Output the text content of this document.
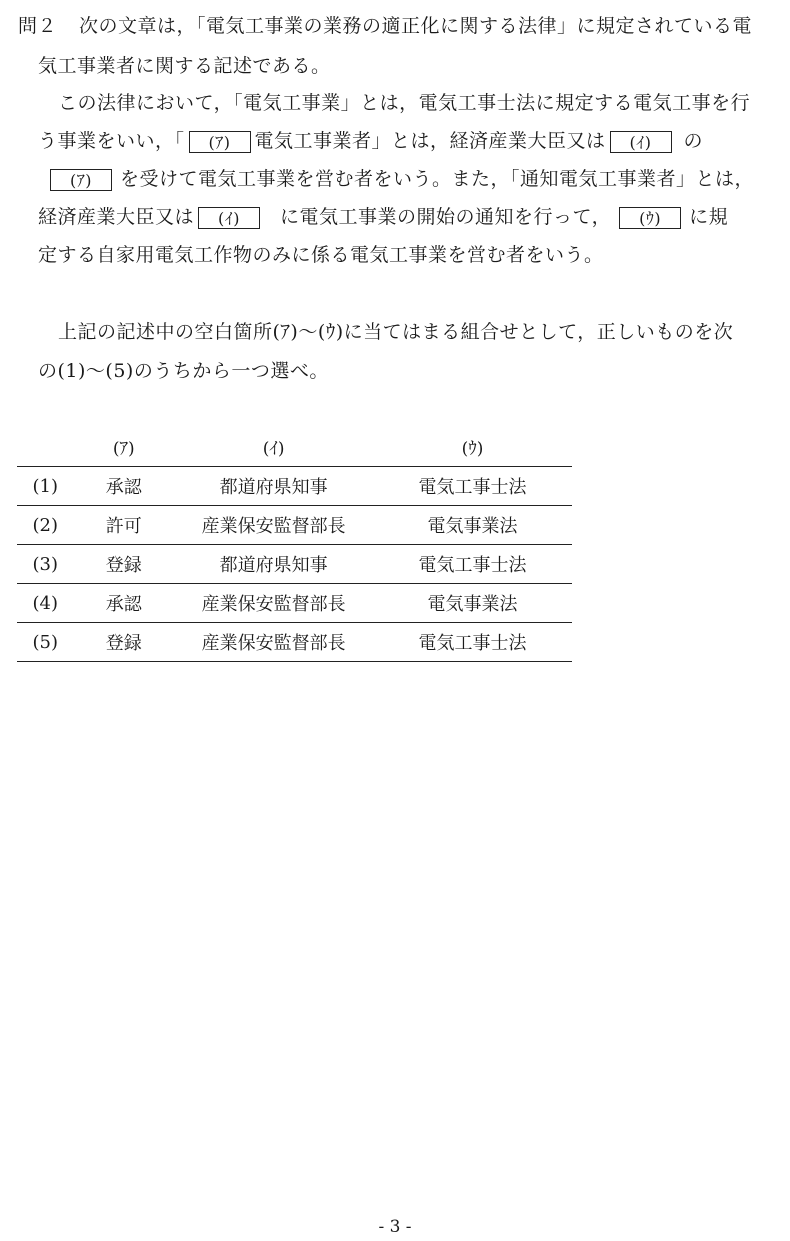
問２ 次の文章は，「電気工事業の業務の適正化に関する法律」に規定されている電
気工事業者に関する記述である。
この法律において，「電気工事業」とは，電気工事士法に規定する電気工事を行
う事業をいい，「 (ｱ) 電気工事業者」とは，経済産業大臣又は (ｲ) の
(ｱ) を受けて電気工事業を営む者をいう。また，「通知電気工事業者」とは，
経済産業大臣又は (ｲ) に電気工事業の開始の通知を行って， (ｳ) に規
定する自家用電気工作物のみに係る電気工事業を営む者をいう。
上記の記述中の空白箇所(ｱ)～(ｳ)に当てはまる組合せとして，正しいものを次
の(1)～(5)のうちから一つ選べ。
	(ｱ)	(ｲ)	(ｳ)
(1)	承認	都道府県知事	電気工事士法
(2)	許可	産業保安監督部長	電気事業法
(3)	登録	都道府県知事	電気工事士法
(4)	承認	産業保安監督部長	電気事業法
(5)	登録	産業保安監督部長	電気工事士法
- 3 -
